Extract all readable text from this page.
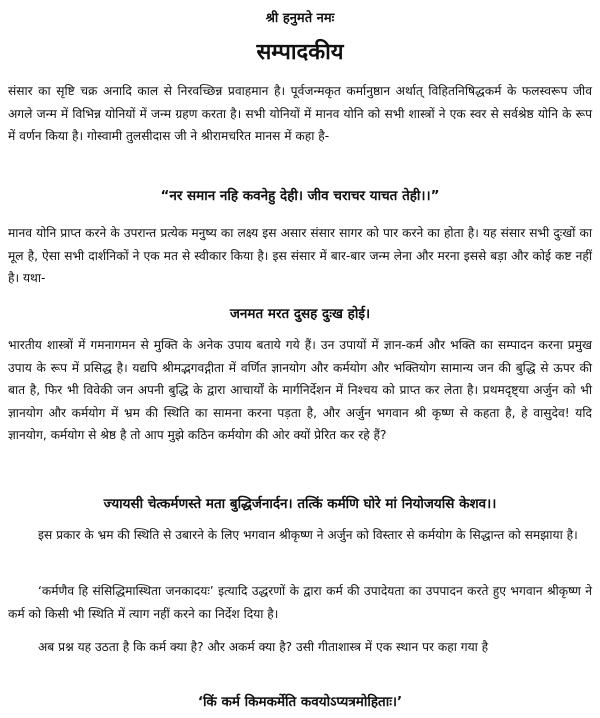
श्री हनुमते नमः
सम्पादकीय

संसार का सृष्टि चक्र अनादि काल से निरवच्छिन्न प्रवाहमान है। पूर्वजन्मकृत कर्मानुष्ठान अर्थात् विहितनिषिद्धकर्म के फलस्वरूप जीव अगले जन्म में विभिन्न योनियों में जन्म ग्रहण करता है। सभी योनियों में मानव योनि को सभी शास्त्रों ने एक स्वर से सर्वश्रेष्ठ योनि के रूप में वर्णन किया है। गोस्वामी तुलसीदास जी ने श्रीरामचरित मानस में कहा है-

“नर समान नहि कवनेहु देही। जीव चराचर याचत तेही।।”

मानव योनि प्राप्त करने के उपरान्त प्रत्येक मनुष्य का लक्ष्य इस असार संसार सागर को पार करने का होता है। यह संसार सभी दुःखों का मूल है, ऐसा सभी दार्शनिकों ने एक मत से स्वीकार किया है। इस संसार में बार-बार जन्म लेना और मरना इससे बड़ा और कोई कष्ट नहीं है। यथा-

जनमत मरत दुसह दुःख होई।

भारतीय शास्त्रों में गमनागमन से मुक्ति के अनेक उपाय बताये गये हैं। उन उपायों में ज्ञान-कर्म और भक्ति का सम्पादन करना प्रमुख उपाय के रूप में प्रसिद्ध है। यद्यपि श्रीमद्भगवद्गीता में वर्णित ज्ञानयोग और कर्मयोग और भक्तियोग सामान्य जन की बुद्धि से ऊपर की बात है, फिर भी विवेकी जन अपनी बुद्धि के द्वारा आचार्यों के मार्गनिर्देशन में निश्चय को प्राप्त कर लेता है। प्रथमदृष्ट्या अर्जुन को भी ज्ञानयोग और कर्मयोग में भ्रम की स्थिति का सामना करना पड़ता है, और अर्जुन भगवान श्री कृष्ण से कहता है, हे वासुदेव! यदि ज्ञानयोग, कर्मयोग से श्रेष्ठ है तो आप मुझे कठिन कर्मयोग की ओर क्यों प्रेरित कर रहे हैं?

ज्यायसी चेत्कर्मणस्ते मता बुद्धिर्जनार्दन। तत्किं कर्मणि घोरे मां नियोजयसि केशव।।

इस प्रकार के भ्रम की स्थिति से उबारने के लिए भगवान श्रीकृष्ण ने अर्जुन को विस्तार से कर्मयोग के सिद्धान्त को समझाया है।

‘कर्मणैव हि संसिद्धिमास्थिता जनकादयः’ इत्यादि उद्धरणों के द्वारा कर्म की उपादेयता का उपपादन करते हुए भगवान श्रीकृष्ण ने कर्म को किसी भी स्थिति में त्याग नहीं करने का निर्देश दिया है।

अब प्रश्न यह उठता है कि कर्म क्या है? और अकर्म क्या है? उसी गीताशास्त्र में एक स्थान पर कहा गया है

‘किं कर्म किमकर्मेति कवयोऽप्यत्रमोहिताः।’
